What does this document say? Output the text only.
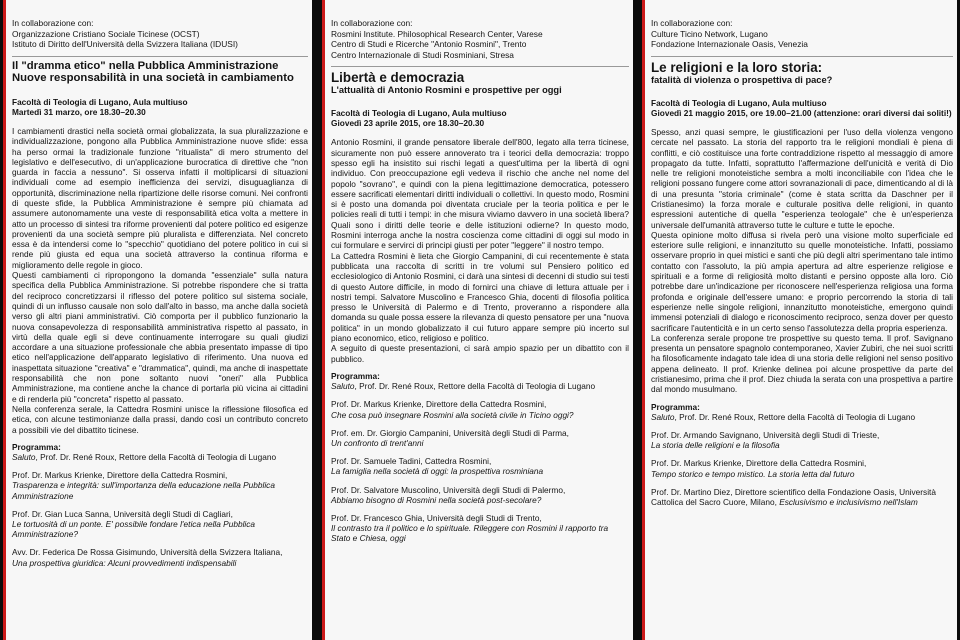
In collaborazione con:
Organizzazione Cristiano Sociale Ticinese (OCST)
Istituto di Diritto dell'Università della Svizzera Italiana (IDUSI)
Il "dramma etico" nella Pubblica Amministrazione
Nuove responsabilità in una società in cambiamento
Facoltà di Teologia di Lugano, Aula multiuso
Martedì 31 marzo, ore 18.30–20.30

I cambiamenti drastici nella società ormai globalizzata, la sua pluralizzazione e individualizzazione, pongono alla Pubblica Amministrazione nuove sfide: essa ha perso ormai la tradizionale funzione "ritualista" di mero strumento del legislativo e dell'esecutivo, di un'applicazione burocratica di direttive che "non guarda in faccia a nessuno". Si osserva infatti il moltiplicarsi di situazioni individuali come ad esempio inefficienza dei servizi, disuguaglianza di opportunità, discriminazione nella ripartizione delle risorse comuni. Nei confronti di queste sfide, la Pubblica Amministrazione è sempre più chiamata ad assumere autonomamente una veste di responsabilità etica volta a mettere in atto un processo di sintesi tra riforme provenienti dal potere politico ed esigenze provenienti da una società sempre più pluralista e differenziata. Nel concreto essa è da intendersi come lo "specchio" quotidiano del potere politico in cui si rende più giusta ed equa una società attraverso la continua riforma e miglioramento delle regole in gioco.

Questi cambiamenti ci ripropongono la domanda "essenziale" sulla natura specifica della Pubblica Amministrazione. Si potrebbe rispondere che si tratta del reciproco concretizzarsi il riflesso del potere politico sul sistema sociale, quindi di un influsso causale non solo dall'alto in basso, ma anche dalla società verso gli altri piani amministrativi. Ciò comporta per il pubblico funzionario la nuova consapevolezza di responsabilità amministrativa rispetto al passato, in virtù della quale egli si deve continuamente interrogare su quali giudizi accordare a una situazione professionale che abbia presentato impasse di tipo etico nell'applicazione dell'apparato legislativo di riferimento. Una nuova ed inaspettata situazione "creativa" e "drammatica", quindi, ma anche di inaspettate responsabilità che non pone soltanto nuovi "oneri" alla Pubblica Amministrazione, ma contiene anche la chance di portarla più vicina ai cittadini e di renderla più "concreta" rispetto al passato.

Nella conferenza serale, la Cattedra Rosmini unisce la riflessione filosofica ed etica, con alcune testimonianze dalla prassi, dando così un contributo concreto a possibili vie del dibattito ticinese.

Programma:

Saluto, Prof. Dr. René Roux, Rettore della Facoltà di Teologia di Lugano

Prof. Dr. Markus Krienke, Direttore della Cattedra Rosmini,

Trasparenza e integrità: sull'importanza della educazione nella Pubblica Amministrazione

Prof. Dr. Gian Luca Sanna, Università degli Studi di Cagliari,

Le tortuosità di un ponte. E' possibile fondare l'etica nella Pubblica Amministrazione?

Avv. Dr. Federica De Rossa Gisimundo, Università della Svizzera Italiana,

Una prospettiva giuridica: Alcuni provvedimenti indispensabili

In collaborazione con:
Rosmini Institute. Philosophical Research Center, Varese
Centro di Studi e Ricerche "Antonio Rosmini", Trento
Centro Internazionale di Studi Rosminiani, Stresa
Libertà e democrazia
L'attualità di Antonio Rosmini e prospettive per oggi
Facoltà di Teologia di Lugano, Aula multiuso
Giovedì 23 aprile 2015, ore 18.30–20.30

Antonio Rosmini, il grande pensatore liberale dell'800, legato alla terra ticinese, sicuramente non può essere annoverato tra i teorici della democrazia: troppo spesso egli ha insistito sui rischi legati a quest'ultima per la libertà di ogni individuo. Con preoccupazione egli vedeva il rischio che anche nel nome del popolo "sovrano", e quindi con la piena legittimazione democratica, potessero essere sacrificati elementari diritti individuali o collettivi. In questo modo, Rosmini si è posto una domanda poi diventata cruciale per la teoria politica e per le policies reali di tutti i tempi: in che misura viviamo davvero in una società libera? Quali sono i diritti delle teorie e delle istituzioni odierne? In questo modo, Rosmini interroga anche la nostra coscienza come cittadini di oggi sul modo in cui formulare e servirci di principi giusti per poter "leggere" il nostro tempo.

La Cattedra Rosmini è lieta che Giorgio Campanini, di cui recentemente è stata pubblicata una raccolta di scritti in tre volumi sul Pensiero politico ed ecclesiologico di Antonio Rosmini, ci darà una sintesi di decenni di studio sui testi di questo Autore difficile, in modo di fornirci una chiave di lettura attuale per i nostri tempi. Salvatore Muscolino e Francesco Ghia, docenti di filosofia politica presso le Università di Palermo e di Trento, proveranno a rispondere alla domanda su quale possa essere la rilevanza di questo pensatore per una "nuova politica" in un mondo globalizzato il cui futuro appare sempre più incerto sul piano economico, etico, religioso e politico.

A seguito di queste presentazioni, ci sarà ampio spazio per un dibattito con il pubblico.

Programma:

Saluto, Prof. Dr. René Roux, Rettore della Facoltà di Teologia di Lugano

Prof. Dr. Markus Krienke, Direttore della Cattedra Rosmini,

Che cosa può insegnare Rosmini alla società civile in Ticino oggi?

Prof. em. Dr. Giorgio Campanini, Università degli Studi di Parma,

Un confronto di trent'anni

Prof. Dr. Samuele Tadini, Cattedra Rosmini,

La famiglia nella società di oggi: la prospettiva rosminiana

Prof. Dr. Salvatore Muscolino, Università degli Studi di Palermo,

Abbiamo bisogno di Rosmini nella società post-secolare?

Prof. Dr. Francesco Ghia, Università degli Studi di Trento,

Il contrasto tra il politico e lo spirituale. Rileggere con Rosmini il rapporto tra Stato e Chiesa, oggi

In collaborazione con:
Culture Ticino Network, Lugano
Fondazione Internazionale Oasis, Venezia
Le religioni e la loro storia:
fatalità di violenza o prospettiva di pace?
Facoltà di Teologia di Lugano, Aula multiuso
Giovedì 21 maggio 2015, ore 19.00–21.00 (attenzione: orari diversi dai soliti!)

Spesso, anzi quasi sempre, le giustificazioni per l'uso della violenza vengono cercate nel passato. La storia del rapporto tra le religioni mondiali è piena di conflitti, e ciò costituisce una forte contraddizione rispetto al messaggio di amore propagato da tutte. Infatti, soprattutto l'affermazione dell'unicità e verità di Dio nelle tre religioni monoteistiche sembra a molti inconciliabile con l'idea che le religioni possano fungere come attori sovranazionali di pace, dimenticando al di là di una presunta "storia criminale" (come è stata scritta da Daschner per il Cristianesimo) la forza morale e culturale positiva delle religioni, in quanto espressioni autentiche di quella "esperienza teologale" che è un'esperienza universale dell'umanità attraverso tutte le culture e tutte le epoche.

Questa opinione molto diffusa si rivela però una visione molto superficiale ed esteriore sulle religioni, e innanzitutto su quelle monoteistiche. Infatti, possiamo osservare proprio in quei mistici e santi che più degli altri sperimentano tale intimo contatto con l'assoluto, la più ampia apertura ad altre esperienze religiose e spirituali e a forme di religiosità molto distanti e persino opposte alla loro. Ciò potrebbe dare un'indicazione per riconoscere nell'esperienza religiosa una forma profonda e originale dell'essere umano: e proprio percorrendo la storia di tali esperienze nelle singole religioni, innanzitutto monoteistiche, emergono quindi immensi potenziali di dialogo e riconoscimento reciproco, senza dover per questo sacrificare l'autenticità e in un certo senso l'assolutezza della propria esperienza.

La conferenza serale propone tre prospettive su questo tema. Il prof. Savignano presenta un pensatore spagnolo contemporaneo, Xavier Zubiri, che nei suoi scritti ha filosoficamente indagato tale idea di una storia delle religioni nel senso positivo appena delineato. Il prof. Krienke delinea poi alcune prospettive da parte del cristianesimo, prima che il prof. Diez chiuda la serata con una prospettiva a partire dal mondo musulmano.

Programma:

Saluto, Prof. Dr. René Roux, Rettore della Facoltà di Teologia di Lugano

Prof. Dr. Armando Savignano, Università degli Studi di Trieste,

La storia delle religioni e la filosofia

Prof. Dr. Markus Krienke, Direttore della Cattedra Rosmini,

Tempo storico e tempo mistico. La storia letta dal futuro

Prof. Dr. Martino Diez, Direttore scientifico della Fondazione Oasis, Università Cattolica del Sacro Cuore, Milano, Esclusivismo e inclusivismo nell'Islam
